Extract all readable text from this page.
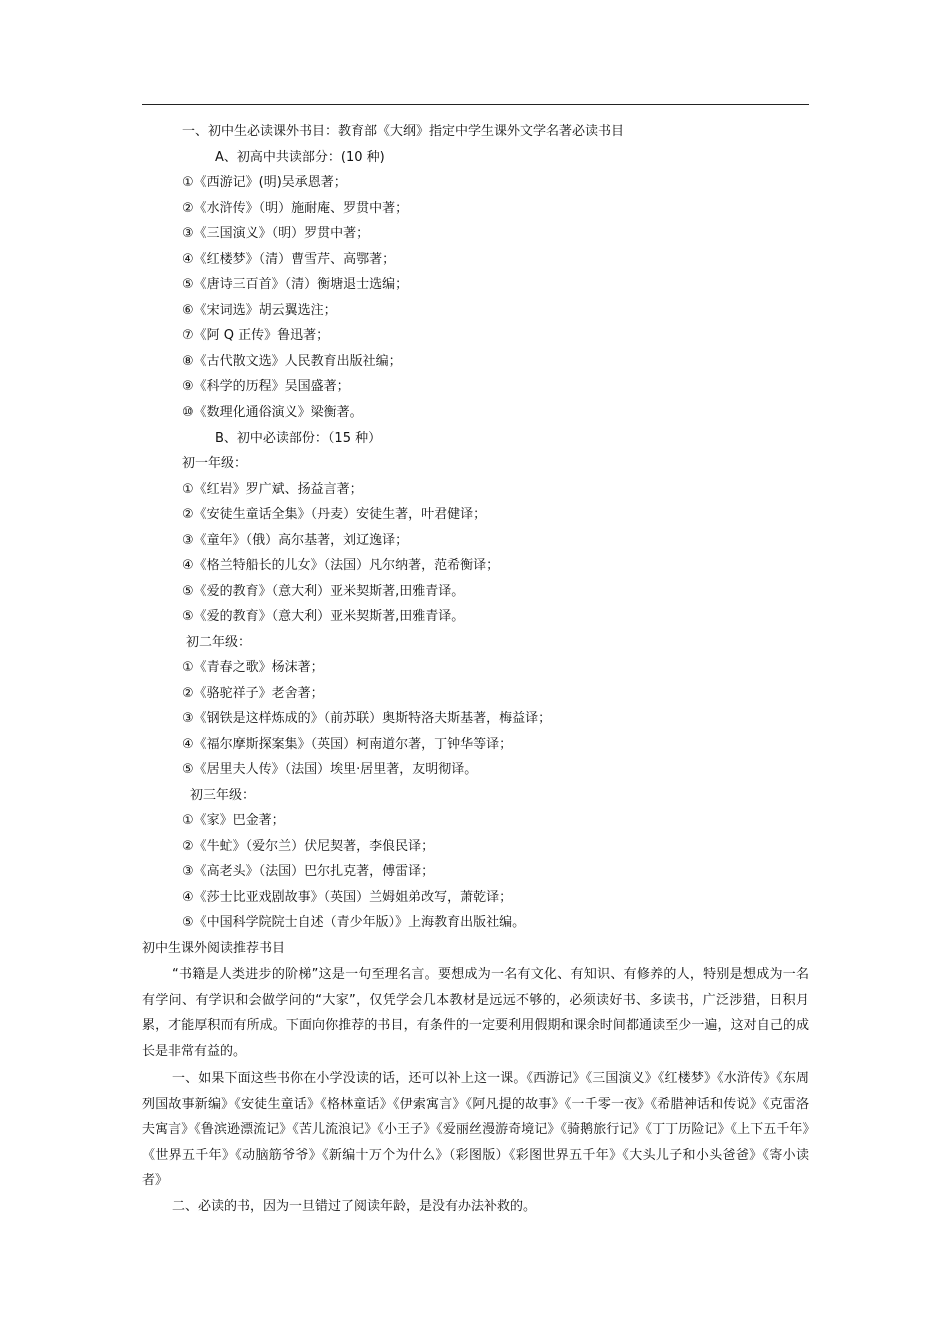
一、初中生必读课外书目：教育部《大纲》指定中学生课外文学名著必读书目
A、初高中共读部分：(10 种)
①《西游记》(明)吴承恩著；
②《水浒传》（明）施耐庵、罗贯中著；
③《三国演义》（明）罗贯中著；
④《红楼梦》（清）曹雪芹、高鄂著；
⑤《唐诗三百首》（清）衡塘退士选编；
⑥《宋词选》胡云翼选注；
⑦《阿 Q 正传》鲁迅著；
⑧《古代散文选》人民教育出版社编；
⑨《科学的历程》吴国盛著；
⑩《数理化通俗演义》梁衡著。
B、初中必读部份：（15 种）
初一年级：
①《红岩》罗广斌、扬益言著；
②《安徒生童话全集》（丹麦）安徒生著，叶君健译；
③《童年》（俄）高尔基著，刘辽逸译；
④《格兰特船长的儿女》（法国）凡尔纳著，范希衡译；
⑤《爱的教育》（意大利）亚米契斯著,田雅青译。
⑤《爱的教育》（意大利）亚米契斯著,田雅青译。
初二年级：
①《青春之歌》杨沫著；
②《骆驼祥子》老舍著；
③《钢铁是这样炼成的》（前苏联）奥斯特洛夫斯基著，梅益译；
④《福尔摩斯探案集》（英国）柯南道尔著，丁钟华等译；
⑤《居里夫人传》（法国）埃里·居里著，友明彻译。
初三年级：
①《家》巴金著；
②《牛虻》（爱尔兰）伏尼契著，李俍民译；
③《高老头》（法国）巴尔扎克著，傅雷译；
④《莎士比亚戏剧故事》（英国）兰姆姐弟改写，萧乾译；
⑤《中国科学院院士自述（青少年版）》上海教育出版社编。
初中生课外阅读推荐书目
“书籍是人类进步的阶梯”这是一句至理名言。要想成为一名有文化、有知识、有修养的人，特别是想成为一名有学问、有学识和会做学问的“大家”，仅凭学会几本教材是远远不够的，必须读好书、多读书，广泛涉猎，日积月累，才能厚积而有所成。下面向你推荐的书目，有条件的一定要利用假期和课余时间都通读至少一遍，这对自己的成长是非常有益的。
一、如果下面这些书你在小学没读的话，还可以补上这一课。《西游记》《三国演义》《红楼梦》《水浒传》《东周列国故事新编》《安徒生童话》《格林童话》《伊索寓言》《阿凡提的故事》《一千零一夜》《希腊神话和传说》《克雷洛夫寓言》《鲁滨逊漂流记》《苦儿流浪记》《小王子》《爱丽丝漫游奇境记》《骑鹅旅行记》《丁丁历险记》《上下五千年》《世界五千年》《动脑筋爷爷》《新编十万个为什么》（彩图版）《彩图世界五千年》《大头儿子和小头爸爸》《寄小读者》
二、必读的书，因为一旦错过了阅读年龄，是没有办法补救的。
